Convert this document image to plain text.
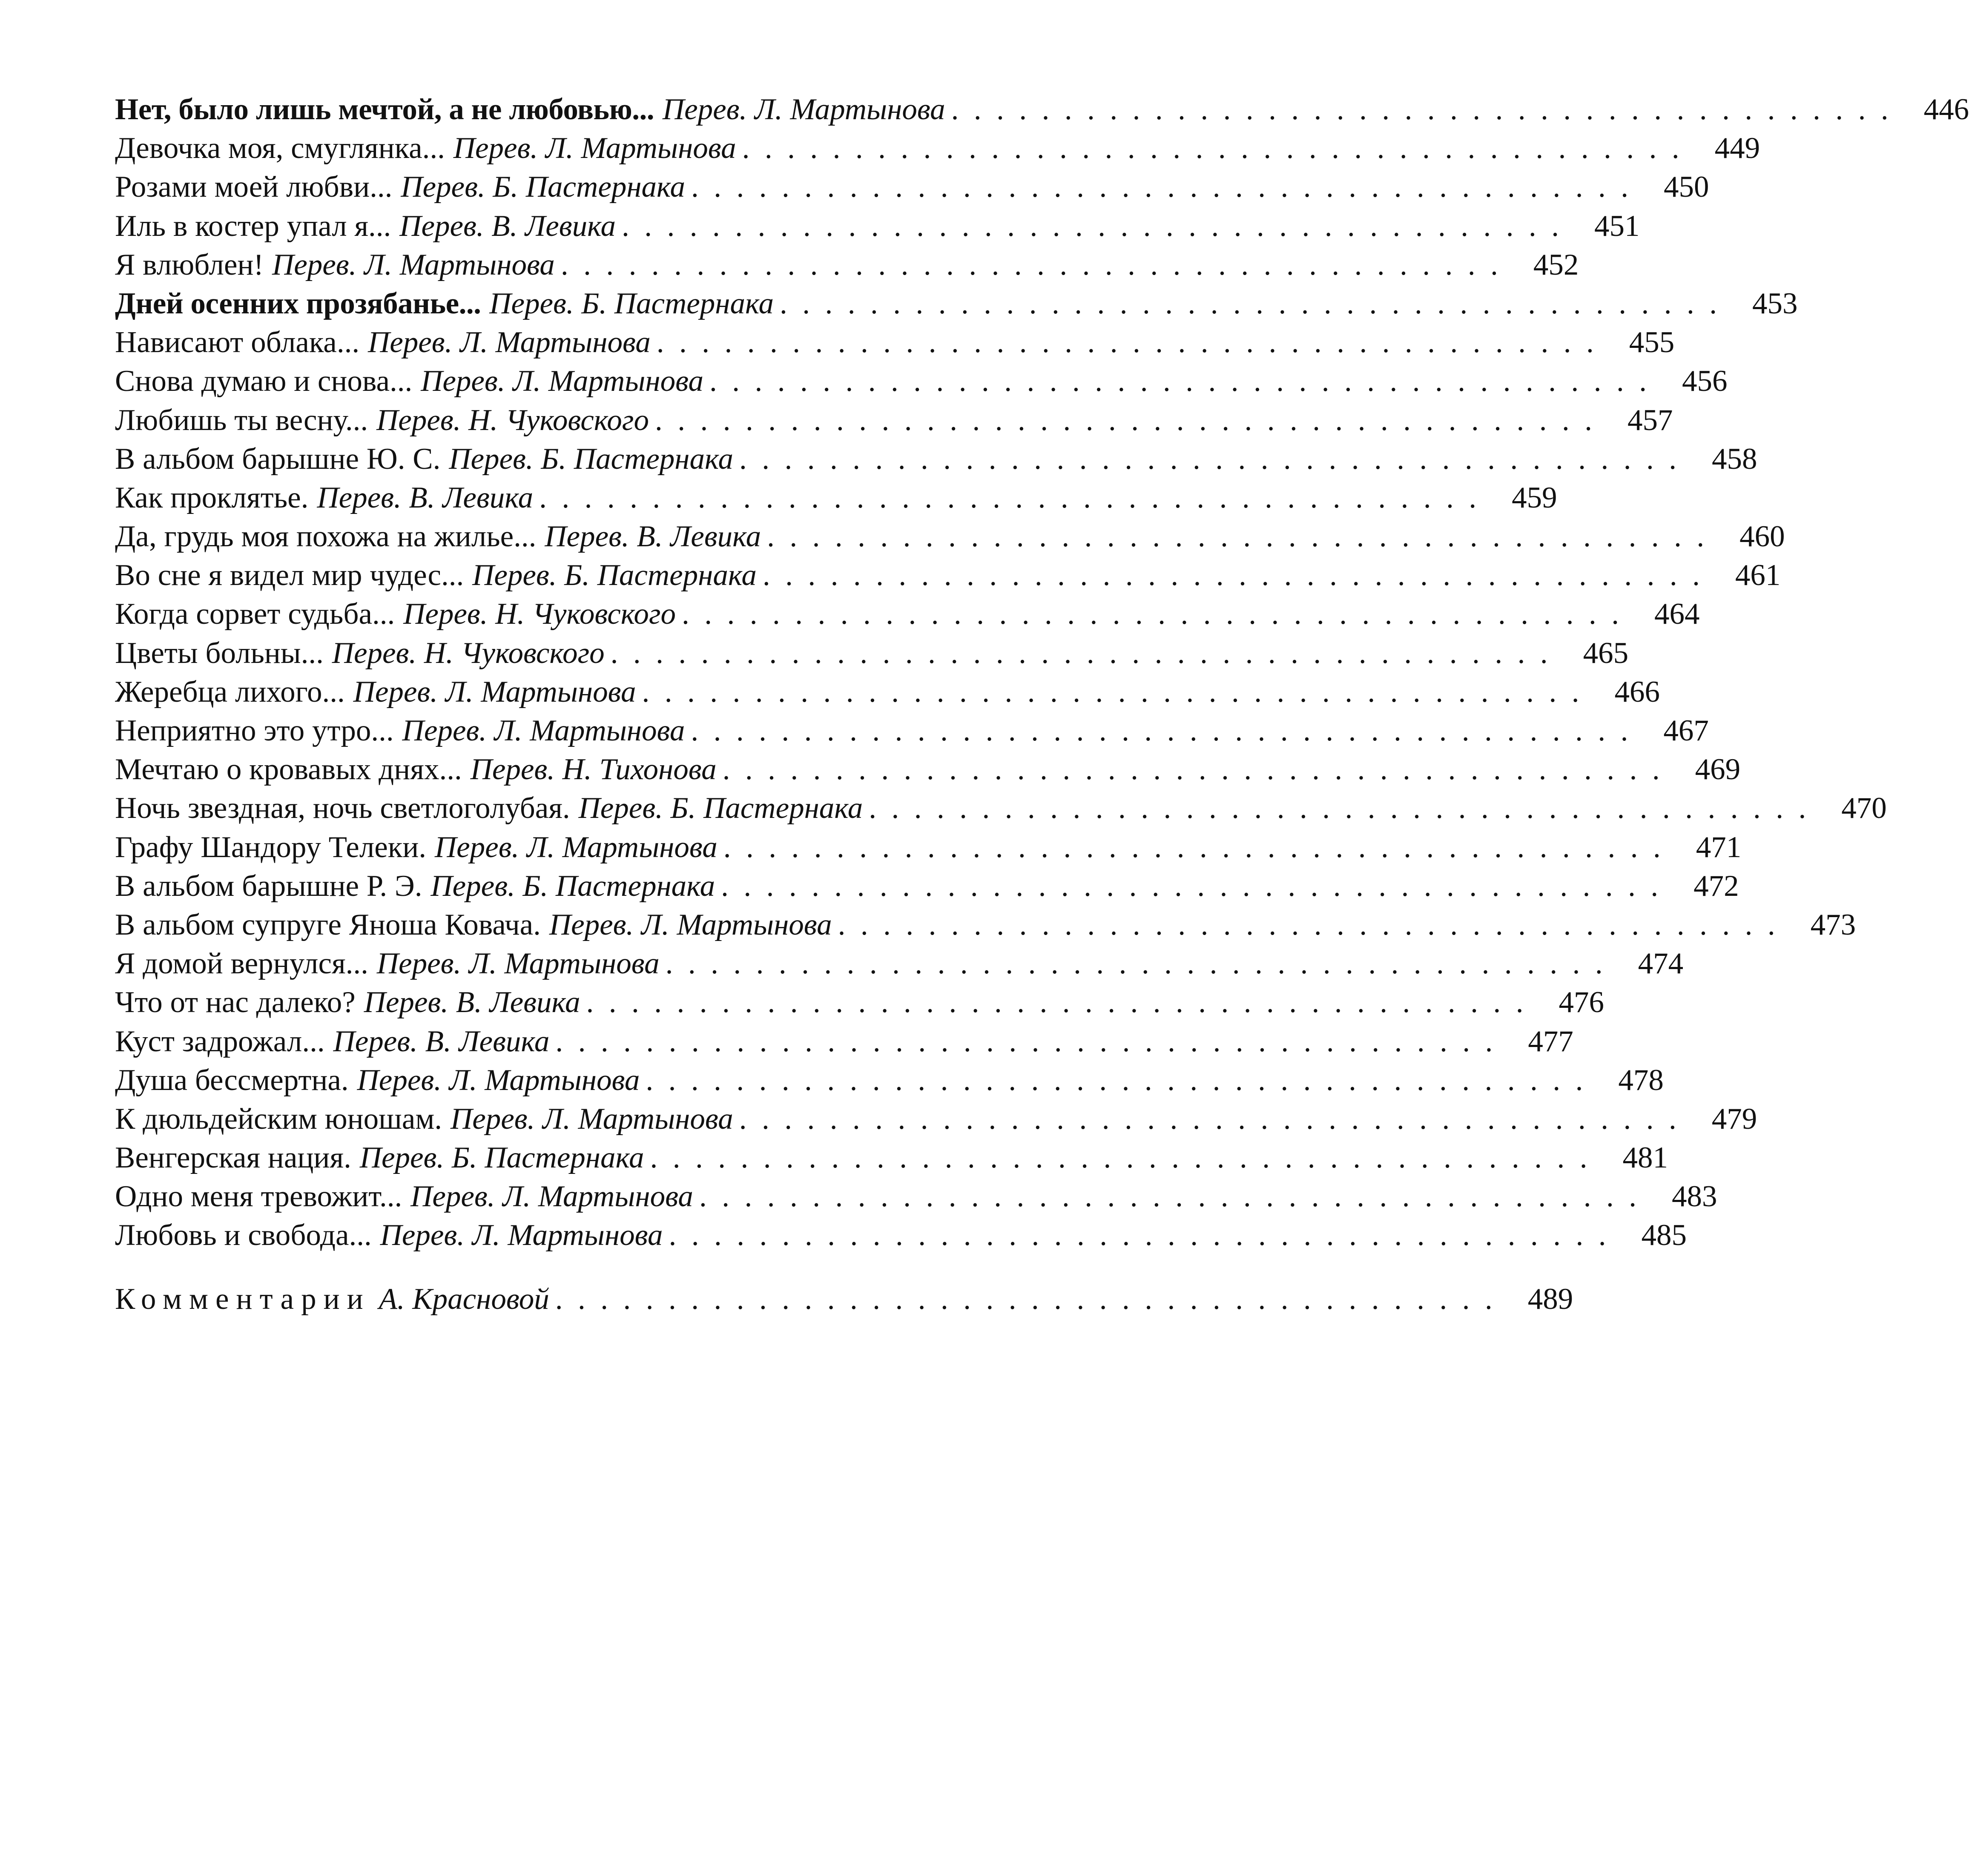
Нет, было лишь мечтой, а не любовью... Перев. Л. Мартынова .......................................... 446
Девочка моя, смуглянка... Перев. Л. Мартынова .......................................... 449
Розами моей любви... Перев. Б. Пастернака .......................................... 450
Иль в костер упал я... Перев. В. Левика .......................................... 451
Я влюблен! Перев. Л. Мартынова .......................................... 452
Дней осенних прозябанье... Перев. Б. Пастернака .......................................... 453
Нависают облака... Перев. Л. Мартынова .......................................... 455
Снова думаю и снова... Перев. Л. Мартынова .......................................... 456
Любишь ты весну... Перев. Н. Чуковского .......................................... 457
В альбом барышне Ю. С. Перев. Б. Пастернака .......................................... 458
Как проклятье. Перев. В. Левика .......................................... 459
Да, грудь моя похожа на жилье... Перев. В. Левика .......................................... 460
Во сне я видел мир чудес... Перев. Б. Пастернака .......................................... 461
Когда сорвет судьба... Перев. Н. Чуковского .......................................... 464
Цветы больны... Перев. Н. Чуковского .......................................... 465
Жеребца лихого... Перев. Л. Мартынова .......................................... 466
Неприятно это утро... Перев. Л. Мартынова .......................................... 467
Мечтаю о кровавых днях... Перев. Н. Тихонова .......................................... 469
Ночь звездная, ночь светлоголубая. Перев. Б. Пастернака .......................................... 470
Графу Шандору Телеки. Перев. Л. Мартынова .......................................... 471
В альбом барышне Р. Э. Перев. Б. Пастернака .......................................... 472
В альбом супруге Яноша Ковача. Перев. Л. Мартынова .......................................... 473
Я домой вернулся... Перев. Л. Мартынова .......................................... 474
Что от нас далеко? Перев. В. Левика .......................................... 476
Куст задрожал... Перев. В. Левика .......................................... 477
Душа бессмертна. Перев. Л. Мартынова .......................................... 478
К дюльдейским юношам. Перев. Л. Мартынова .......................................... 479
Венгерская нация. Перев. Б. Пастернака .......................................... 481
Одно меня тревожит... Перев. Л. Мартынова .......................................... 483
Любовь и свобода... Перев. Л. Мартынова .......................................... 485
Комментарии А. Красновой .......................................... 489
